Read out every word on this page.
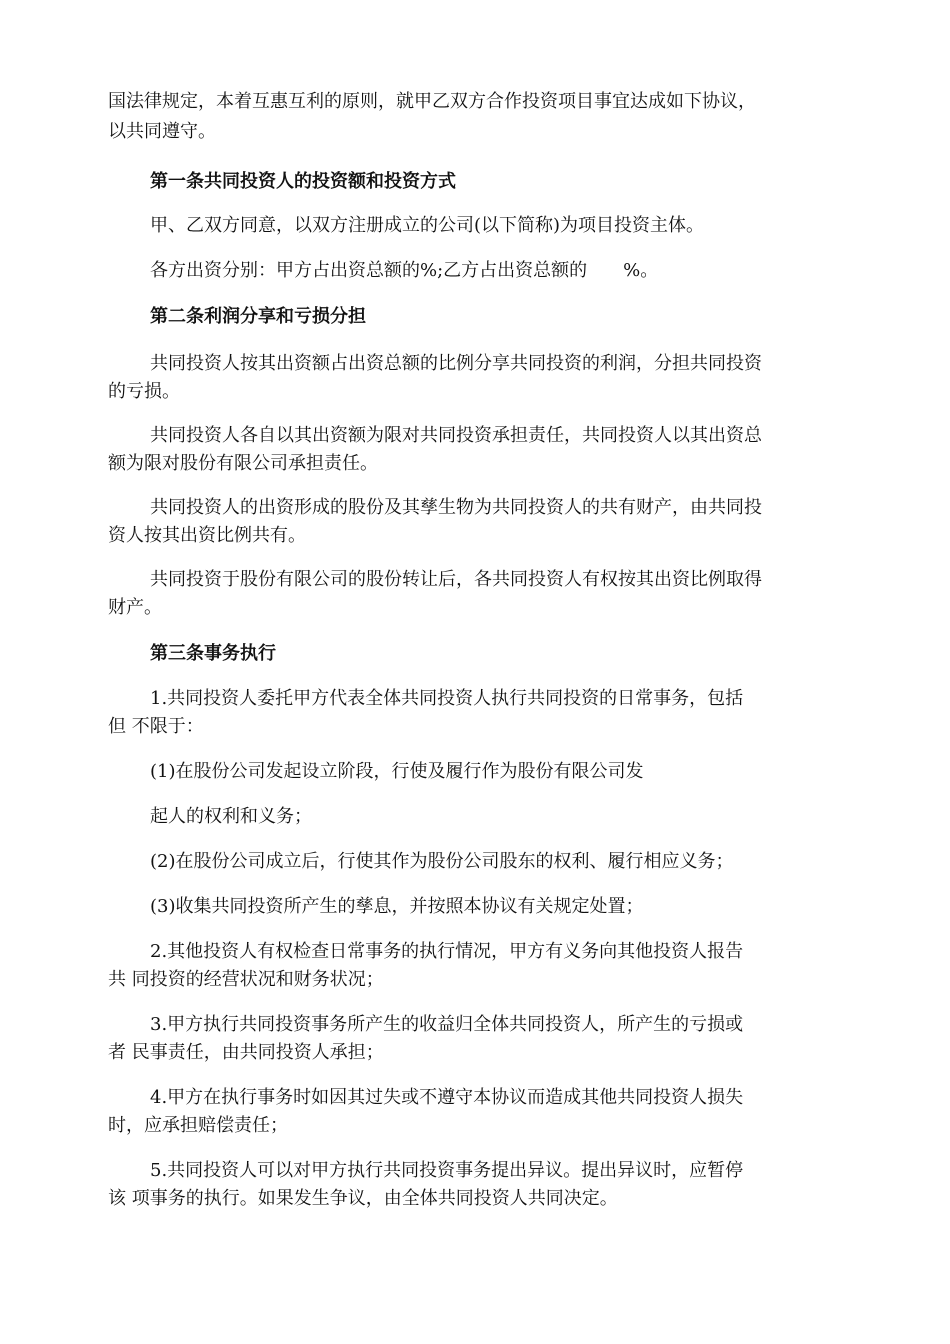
国法律规定，本着互惠互利的原则，就甲乙双方合作投资项目事宜达成如下协议，

以共同遵守。

第一条共同投资人的投资额和投资方式

甲、乙双方同意，以双方注册成立的公司(以下简称)为项目投资主体。

各方出资分别：甲方占出资总额的%;乙方占出资总额的　　%。

第二条利润分享和亏损分担

共同投资人按其出资额占出资总额的比例分享共同投资的利润，分担共同投资

的亏损。

共同投资人各自以其出资额为限对共同投资承担责任，共同投资人以其出资总

额为限对股份有限公司承担责任。

共同投资人的出资形成的股份及其孳生物为共同投资人的共有财产，由共同投

资人按其出资比例共有。

共同投资于股份有限公司的股份转让后，各共同投资人有权按其出资比例取得

财产。

第三条事务执行

1.共同投资人委托甲方代表全体共同投资人执行共同投资的日常事务，包括

但 不限于：

(1)在股份公司发起设立阶段，行使及履行作为股份有限公司发

起人的权利和义务；

(2)在股份公司成立后，行使其作为股份公司股东的权利、履行相应义务；

(3)收集共同投资所产生的孳息，并按照本协议有关规定处置；

2.其他投资人有权检查日常事务的执行情况，甲方有义务向其他投资人报告

共 同投资的经营状况和财务状况；

3.甲方执行共同投资事务所产生的收益归全体共同投资人，所产生的亏损或

者 民事责任，由共同投资人承担；

4.甲方在执行事务时如因其过失或不遵守本协议而造成其他共同投资人损失

时，应承担赔偿责任；

5.共同投资人可以对甲方执行共同投资事务提出异议。提出异议时，应暂停

该 项事务的执行。如果发生争议，由全体共同投资人共同决定。
